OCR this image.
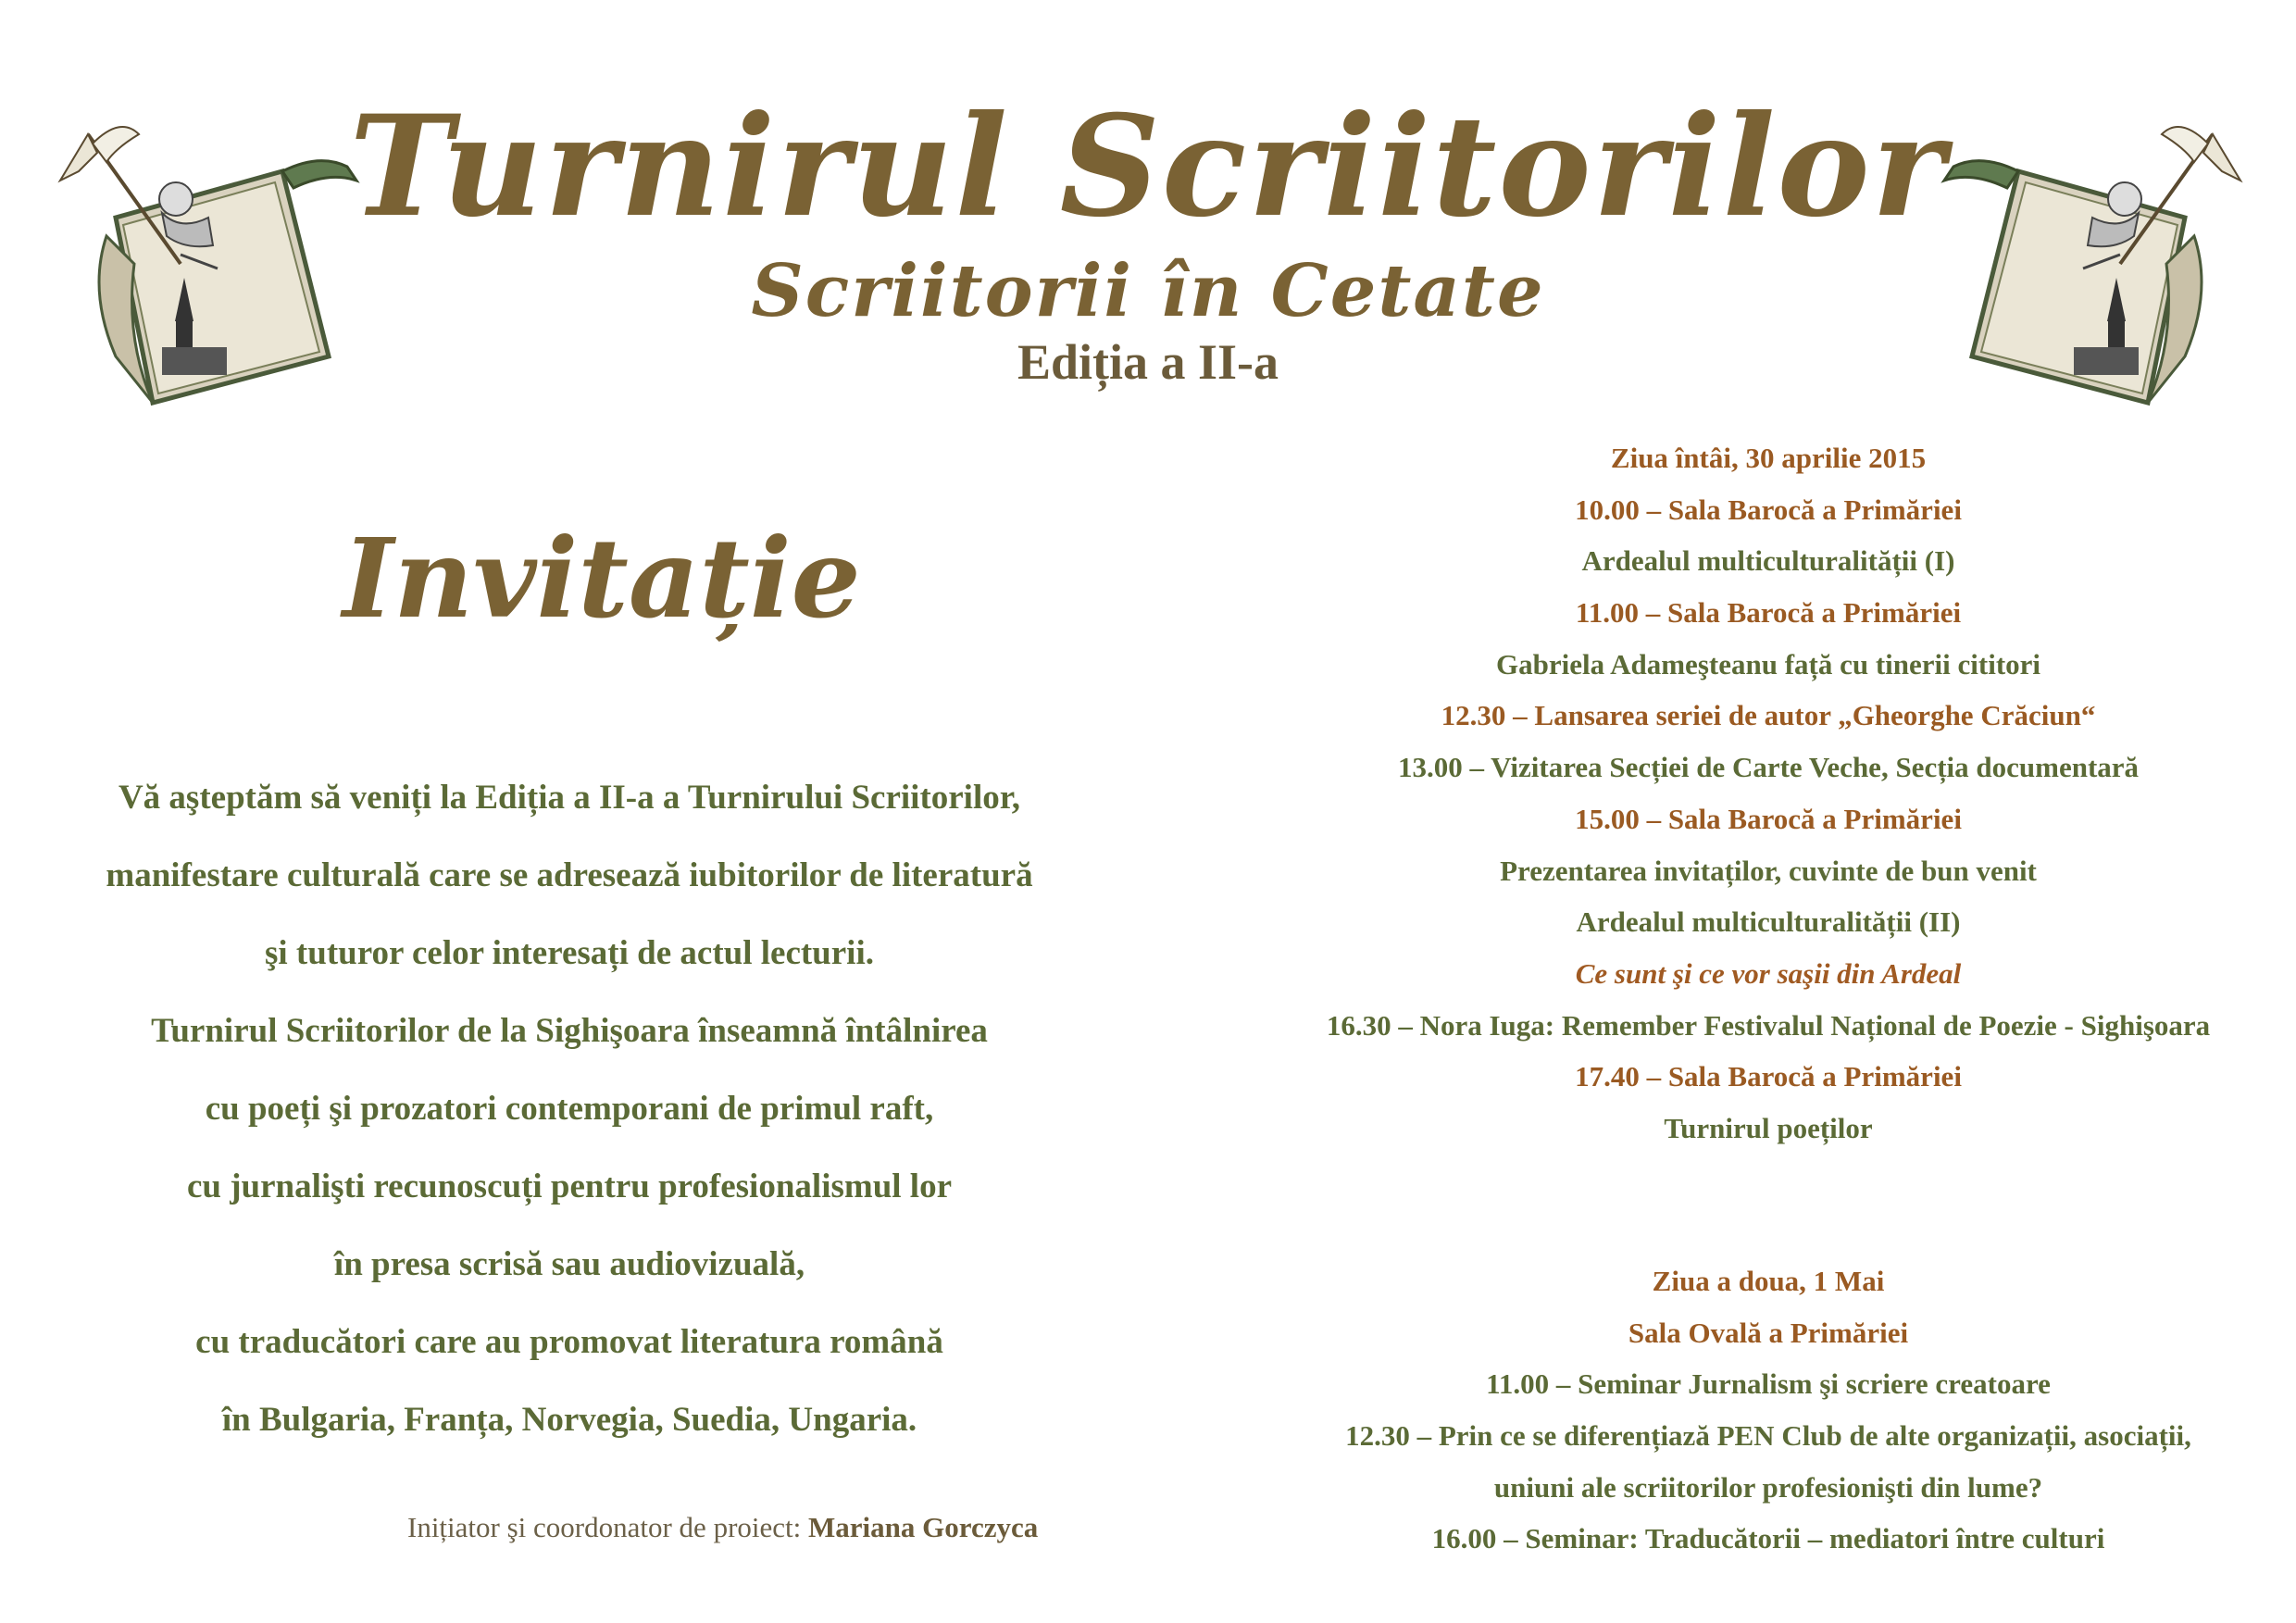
Turnirul Scriitorilor
Scriitorii în Cetate
Ediția a II-a
Invitație
Vă aşteptăm să veniți la Ediția a II-a a Turnirului Scriitorilor,
manifestare culturală care se adresează iubitorilor de literatură
şi tuturor celor interesați de actul lecturii.
Turnirul Scriitorilor de la Sighişoara înseamnă întâlnirea
cu poeți şi prozatori contemporani de primul raft,
cu jurnalişti recunoscuți pentru profesionalismul lor
în presa scrisă sau audiovizuală,
cu traducători care au promovat literatura română
în Bulgaria, Franța, Norvegia, Suedia, Ungaria.
Inițiator şi coordonator de proiect: Mariana Gorczyca
Ziua întâi, 30 aprilie 2015
10.00 – Sala Barocă a Primăriei
Ardealul multiculturalității (I)
11.00 – Sala Barocă a Primăriei
Gabriela Adameşteanu față cu tinerii cititori
12.30 – Lansarea seriei de autor „Gheorghe Crăciun“
13.00 – Vizitarea Secției de Carte Veche, Secția documentară
15.00 – Sala Barocă a Primăriei
Prezentarea invitaților, cuvinte de bun venit
Ardealul multiculturalității (II)
Ce sunt şi ce vor saşii din Ardeal
16.30 – Nora Iuga: Remember Festivalul Național de Poezie - Sighişoara
17.40 – Sala Barocă a Primăriei
Turnirul poeților
Ziua a doua, 1 Mai
Sala Ovală a Primăriei
11.00 – Seminar Jurnalism şi scriere creatoare
12.30 – Prin ce se diferențiază PEN Club de alte organizații, asociații,
uniuni ale scriitorilor profesionişti din lume?
16.00 – Seminar: Traducătorii – mediatori între culturi
